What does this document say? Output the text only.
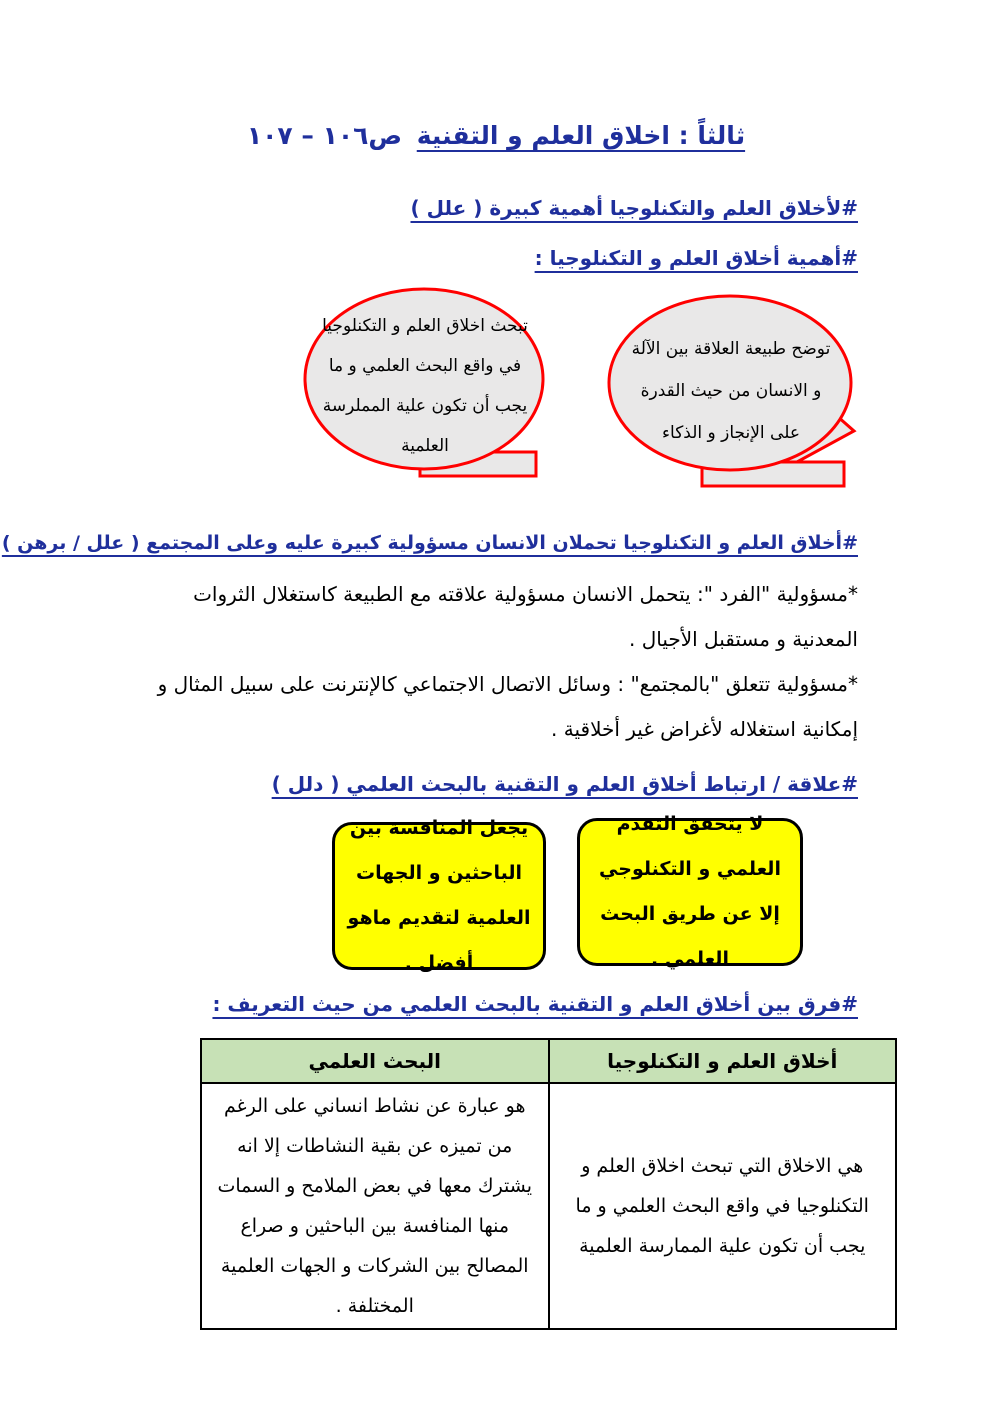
ثالثاً : اخلاق العلم و التقنية ص١٠٦ – ١٠٧
#لأخلاق العلم والتكنلوجيا أهمية كبيرة ( علل )
#أهمية أخلاق العلم و التكنلوجيا :
تبحث اخلاق العلم و التكنلوجيا في واقع البحث العلمي و ما يجب أن تكون علية المملرسة العلمية
توضح طبيعة العلاقة بين الآلة و الانسان من حيث القدرة على الإنجاز و الذكاء
#أخلاق العلم و التكنلوجيا تحملان الانسان مسؤولية كبيرة عليه وعلى المجتمع ( علل / برهن )
*مسؤولية "الفرد ": يتحمل الانسان مسؤولية علاقته مع الطبيعة كاستغلال الثروات المعدنية و مستقبل الأجيال .
*مسؤولية تتعلق "بالمجتمع" : وسائل الاتصال الاجتماعي كالإنترنت على سبيل المثال و إمكانية استغلاله لأغراض غير أخلاقية .
#علاقة / ارتباط أخلاق العلم و التقنية بالبحث العلمي ( دلل )
يجعل المنافسة بين الباحثين و الجهات العلمية لتقديم ماهو أفضل .
لا يتحقق التقدم العلمي و التكنلوجي إلا عن طريق البحث العلمي .
#فرق بين أخلاق العلم و التقنية بالبحث العلمي من حيث التعريف :
أخلاق العلم و التكنلوجيا	البحث العلمي
هي الاخلاق التي تبحث اخلاق العلم و التكنلوجيا في واقع البحث العلمي و ما يجب أن تكون علية الممارسة العلمية	هو عبارة عن نشاط انساني على الرغم من تميزه عن بقية النشاطات إلا انه يشترك معها في بعض الملامح و السمات منها المنافسة بين الباحثين و صراع المصالح بين الشركات و الجهات العلمية المختلفة .
